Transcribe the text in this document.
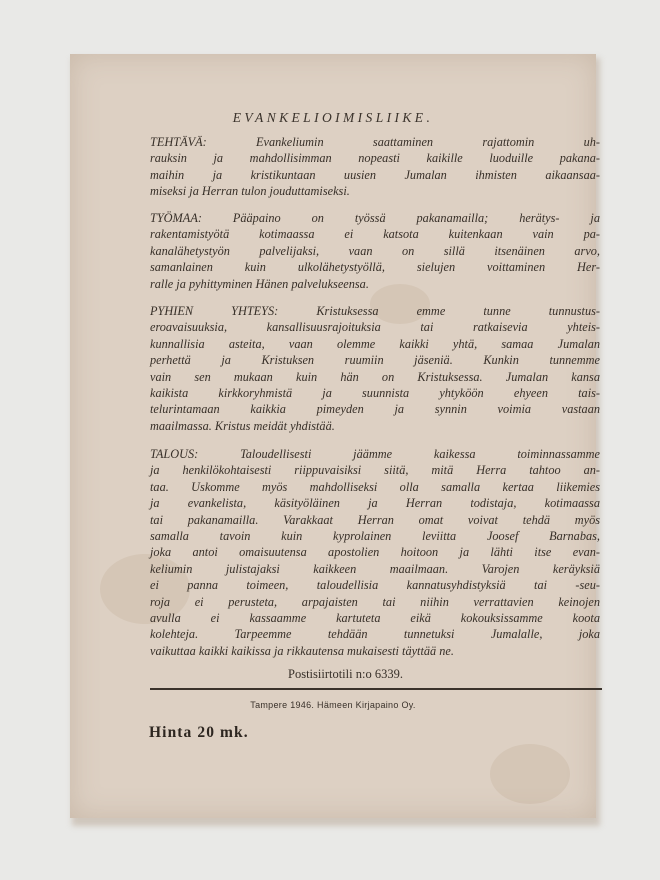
EVANKELIOIMISLIIKE.
TEHTÄVÄ: Evankeliumin saattaminen rajattomin uh-
rauksin ja mahdollisimman nopeasti kaikille luoduille pakana-
maihin ja kristikuntaan uusien Jumalan ihmisten aikaansaa-
miseksi ja Herran tulon jouduttamiseksi.
TYÖMAA: Pääpaino on työssä pakanamailla; herätys- ja
rakentamistyötä kotimaassa ei katsota kuitenkaan vain pa-
kanalähetystyön palvelijaksi, vaan on sillä itsenäinen arvo,
samanlainen kuin ulkolähetystyöllä, sielujen voittaminen Her-
ralle ja pyhittyminen Hänen palvelukseensa.
PYHIEN YHTEYS: Kristuksessa emme tunne tunnustus-
eroavaisuuksia, kansallisuusrajoituksia tai ratkaisevia yhteis-
kunnallisia asteita, vaan olemme kaikki yhtä, samaa Jumalan
perhettä ja Kristuksen ruumiin jäseniä. Kunkin tunnemme
vain sen mukaan kuin hän on Kristuksessa. Jumalan kansa
kaikista kirkkoryhmistä ja suunnista yhtyköön ehyeen tais-
telurintamaan kaikkia pimeyden ja synnin voimia vastaan
maailmassa. Kristus meidät yhdistää.
TALOUS: Taloudellisesti jäämme kaikessa toiminnassamme
ja henkilökohtaisesti riippuvaisiksi siitä, mitä Herra tahtoo an-
taa. Uskomme myös mahdolliseksi olla samalla kertaa liikemies
ja evankelista, käsityöläinen ja Herran todistaja, kotimaassa
tai pakanamailla. Varakkaat Herran omat voivat tehdä myös
samalla tavoin kuin kyprolainen leviitta Joosef Barnabas,
joka antoi omaisuutensa apostolien hoitoon ja lähti itse evan-
keliumin julistajaksi kaikkeen maailmaan. Varojen keräyksiä
ei panna toimeen, taloudellisia kannatusyhdistyksiä tai -seu-
roja ei perusteta, arpajaisten tai niihin verrattavien keinojen
avulla ei kassaamme kartuteta eikä kokouksissamme koota
kolehteja. Tarpeemme tehdään tunnetuksi Jumalalle, joka
vaikuttaa kaikki kaikissa ja rikkautensa mukaisesti täyttää ne.
Postisiirtotili n:o 6339.
Tampere 1946. Hämeen Kirjapaino Oy.
Hinta 20 mk.
